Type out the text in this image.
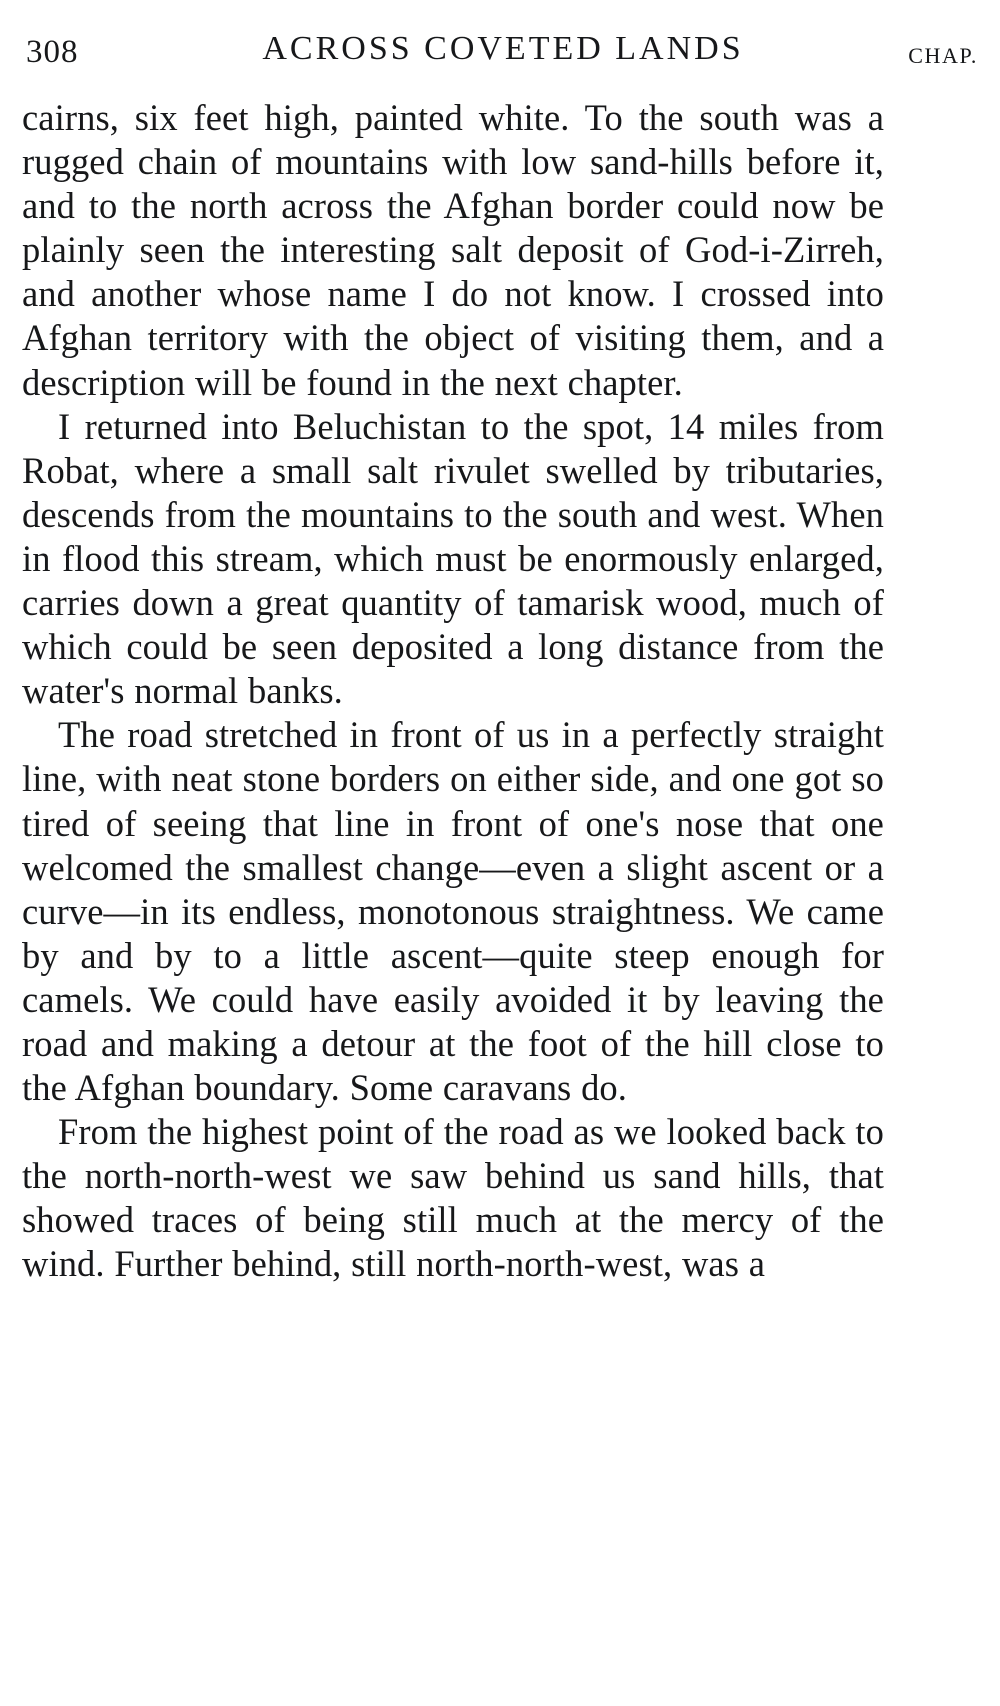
308	ACROSS COVETED LANDS	CHAP.

cairns, six feet high, painted white. To the south was a rugged chain of mountains with low sand-hills before it, and to the north across the Afghan border could now be plainly seen the interesting salt deposit of God-i-Zirreh, and another whose name I do not know. I crossed into Afghan territory with the object of visiting them, and a description will be found in the next chapter.

I returned into Beluchistan to the spot, 14 miles from Robat, where a small salt rivulet swelled by tributaries, descends from the mountains to the south and west. When in flood this stream, which must be enormously enlarged, carries down a great quantity of tamarisk wood, much of which could be seen deposited a long distance from the water's normal banks.

The road stretched in front of us in a perfectly straight line, with neat stone borders on either side, and one got so tired of seeing that line in front of one's nose that one welcomed the smallest change—even a slight ascent or a curve—in its endless, monotonous straightness. We came by and by to a little ascent—quite steep enough for camels. We could have easily avoided it by leaving the road and making a detour at the foot of the hill close to the Afghan boundary. Some caravans do.

From the highest point of the road as we looked back to the north-north-west we saw behind us sand hills, that showed traces of being still much at the mercy of the wind. Further behind, still north-north-west, was a
